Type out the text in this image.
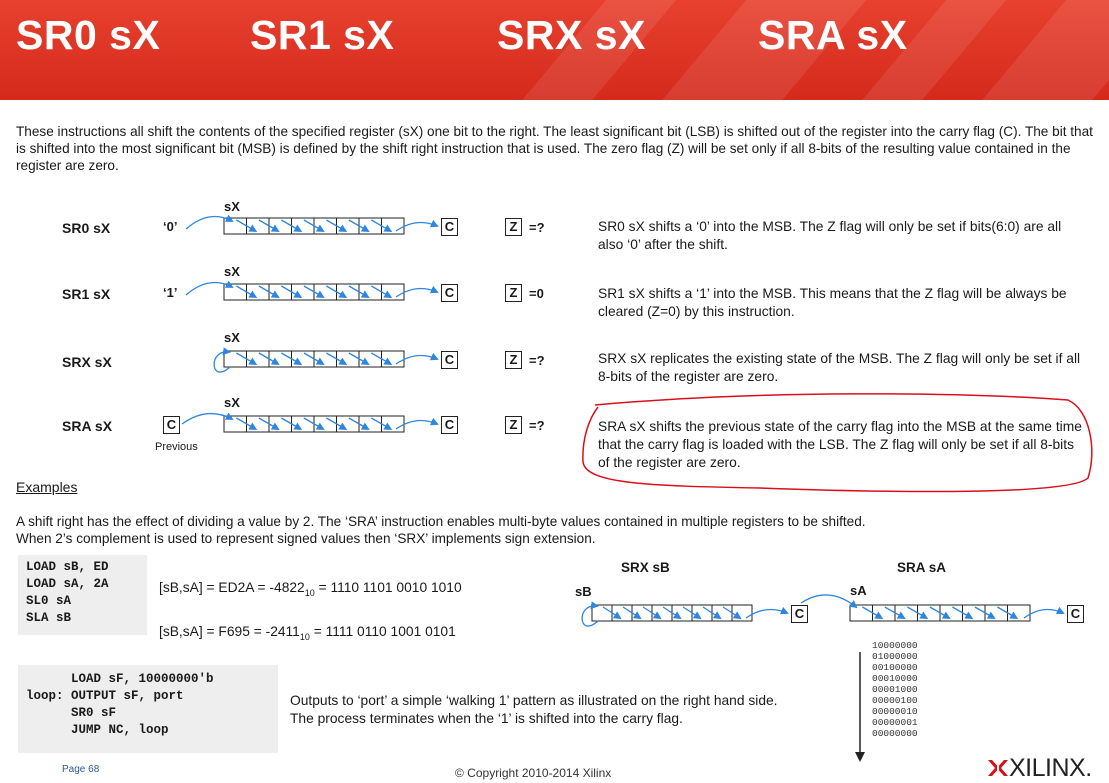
SR0 sX SR1 sX	SRX sX	SRA sX
These instructions all shift the contents of the specified register (sX) one bit to the right. The least significant bit (LSB) is shifted out of the register into the carry flag (C). The bit that is shifted into the most significant bit (MSB) is defined by the shift right instruction that is used. The zero flag (Z) will be set only if all 8-bits of the resulting value contained in the register are zero.
SR0 sX
SR1 sX
SRX sX
SRA sX
‘0’
‘1’
C
Previous
sX
sX
sX
sX
C
C
C
C
Z =?
Z =0
Z =?
Z =?
SR0 sX shifts a ‘0’ into the MSB. The Z flag will only be set if bits(6:0) are all also ‘0’ after the shift.
SR1 sX shifts a ‘1’ into the MSB. This means that the Z flag will be always be cleared (Z=0) by this instruction.
SRX sX replicates the existing state of the MSB. The Z flag will only be set if all 8-bits of the register are zero.
SRA sX shifts the previous state of the carry flag into the MSB at the same time that the carry flag is loaded with the LSB. The Z flag will only be set if all 8-bits of the register are zero.
Examples
A shift right has the effect of dividing a value by 2. The ‘SRA’ instruction enables multi-byte values contained in multiple registers to be shifted.
When 2’s complement is used to represent signed values then ‘SRX’ implements sign extension.
LOAD sB, ED
LOAD sA, 2A
SL0 sA
SLA sB
$[sB,sA] = ED2A = -4822_{10} = 1110$ 1101 0010 1010
$[sB,sA] = F695 = -2411_{10} = 1111$ 0110 1001 0101
SRX sB	SRA sA
sB	sA
C	C
LOAD sF, 10000000'b
loop: OUTPUT sF, port
SR0 sF
JUMP NC, loop
Outputs to ‘port’ a simple ‘walking 1’ pattern as illustrated on the right hand side.
The process terminates when the ‘1’ is shifted into the carry flag.
10000000
01000000
00100000
00010000
00001000
00000100
00000010
00000001
00000000
Page 68	© Copyright 2010-2014 Xilinx	XILINX.
